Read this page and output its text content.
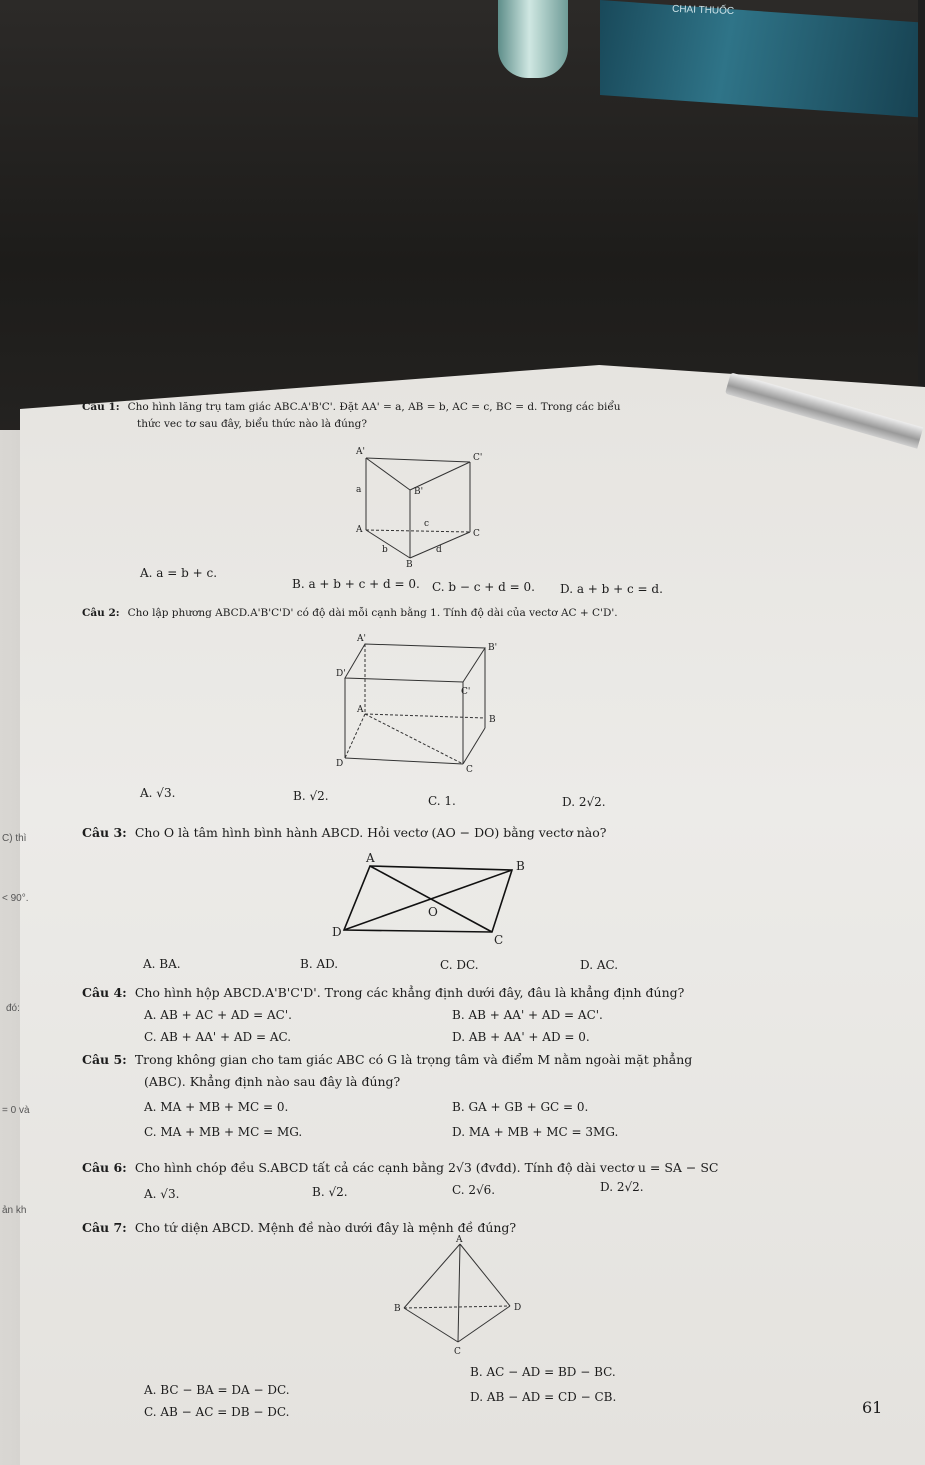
CHAI THUỐC
C) thì
< 90°.
đó:
= 0 và
ản kh
Câu 1: Cho hình lăng trụ tam giác ABC.A'B'C'. Đặt AA' = a, AB = b, AC = c, BC = d. Trong các biểu
thức vec tơ sau đây, biểu thức nào là đúng?
A'
B'
C'
A
B
C
a
b
c
d
A. a = b + c.
B. a + b + c + d = 0. C. b − c + d = 0. D. a + b + c = d.
Câu 2: Cho lập phương ABCD.A'B'C'D' có độ dài mỗi cạnh bằng 1. Tính độ dài của vectơ AC + C'D'.
A'
B'
C'
D'
A
B
C
D
A. √3.	B. √2.	C. 1.	D. 2√2.
Câu 3: Cho O là tâm hình bình hành ABCD. Hỏi vectơ (AO − DO) bằng vectơ nào?
A
B
C
D
O
A. BA.	B. AD.	C. DC.	D. AC.
Câu 4: Cho hình hộp ABCD.A'B'C'D'. Trong các khẳng định dưới đây, đâu là khẳng định đúng?
A. AB + AC + AD = AC'.	B. AB + AA' + AD = AC'.
C. AB + AA' + AD = AC.	D. AB + AA' + AD = 0.
Câu 5: Trong không gian cho tam giác ABC có G là trọng tâm và điểm M nằm ngoài mặt phẳng
(ABC). Khẳng định nào sau đây là đúng?
A. MA + MB + MC = 0.	B. GA + GB + GC = 0.
C. MA + MB + MC = MG.	D. MA + MB + MC = 3MG.
Câu 6: Cho hình chóp đều S.ABCD tất cả các cạnh bằng 2√3 (đvđd). Tính độ dài vectơ u = SA − SC
A. √3.	B. √2.	C. 2√6.	D. 2√2.
Câu 7: Cho tứ diện ABCD. Mệnh đề nào dưới đây là mệnh đề đúng?
A
B
C
D
A. BC − BA = DA − DC.
B. AC − AD = BD − BC.
C. AB − AC = DB − DC.
D. AB − AD = CD − CB.
61
